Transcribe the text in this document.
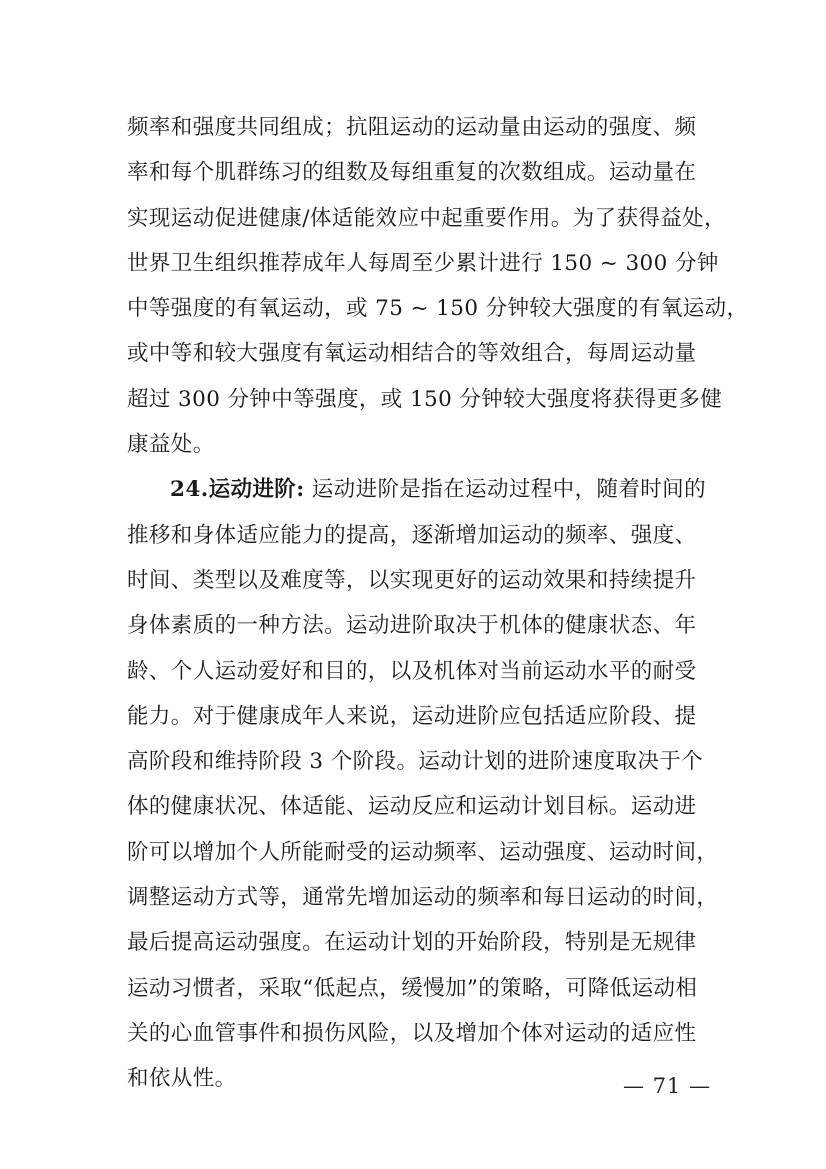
频率和强度共同组成；抗阻运动的运动量由运动的强度、频
率和每个肌群练习的组数及每组重复的次数组成。运动量在
实现运动促进健康/体适能效应中起重要作用。为了获得益处，
世界卫生组织推荐成年人每周至少累计进行 150 ~ 300 分钟
中等强度的有氧运动，或 75 ~ 150 分钟较大强度的有氧运动，
或中等和较大强度有氧运动相结合的等效组合，每周运动量
超过 300 分钟中等强度，或 150 分钟较大强度将获得更多健
康益处。
24.运动进阶: 运动进阶是指在运动过程中，随着时间的
推移和身体适应能力的提高，逐渐增加运动的频率、强度、
时间、类型以及难度等，以实现更好的运动效果和持续提升
身体素质的一种方法。运动进阶取决于机体的健康状态、年
龄、个人运动爱好和目的，以及机体对当前运动水平的耐受
能力。对于健康成年人来说，运动进阶应包括适应阶段、提
高阶段和维持阶段 3 个阶段。运动计划的进阶速度取决于个
体的健康状况、体适能、运动反应和运动计划目标。运动进
阶可以增加个人所能耐受的运动频率、运动强度、运动时间，
调整运动方式等，通常先增加运动的频率和每日运动的时间，
最后提高运动强度。在运动计划的开始阶段，特别是无规律
运动习惯者，采取“低起点，缓慢加”的策略，可降低运动相
关的心血管事件和损伤风险，以及增加个体对运动的适应性
和依从性。	— 71 —
